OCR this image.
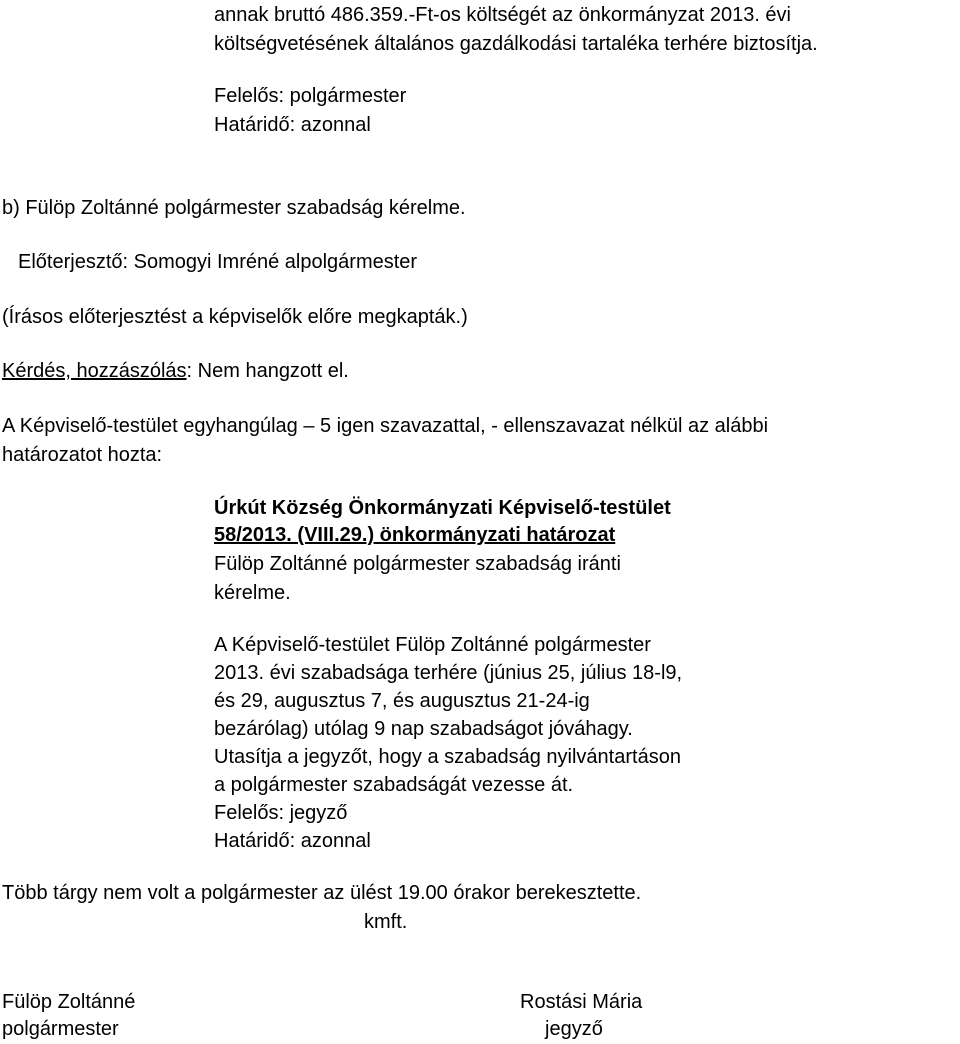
annak bruttó 486.359.-Ft-os költségét az önkormányzat 2013. évi

költségvetésének általános gazdálkodási tartaléka terhére biztosítja.

Felelős: polgármester

Határidő: azonnal

b) Fülöp Zoltánné polgármester szabadság kérelme.

Előterjesztő: Somogyi Imréné alpolgármester

(Írásos előterjesztést a képviselők előre megkapták.)

Kérdés, hozzászólás: Nem hangzott el.

A Képviselő-testület egyhangúlag ‒ 5 igen szavazattal, - ellenszavazat nélkül az alábbi

határozatot hozta:

Úrkút Község Önkormányzati Képviselő-testület

58/2013. (VIII.29.) önkormányzati határozat

Fülöp Zoltánné polgármester szabadság iránti

kérelme.

A Képviselő-testület Fülöp Zoltánné polgármester

2013. évi szabadsága terhére (június 25, július 18-l9,

és 29, augusztus 7, és augusztus 21-24-ig

bezárólag) utólag 9 nap szabadságot jóváhagy.

Utasítja a jegyzőt, hogy a szabadság nyilvántartáson

a polgármester szabadságát vezesse át.

Felelős: jegyző

Határidő: azonnal

Több tárgy nem volt a polgármester az ülést 19.00 órakor berekesztette.

kmft.

Fülöp Zoltánné

polgármester

Rostási Mária

jegyző
